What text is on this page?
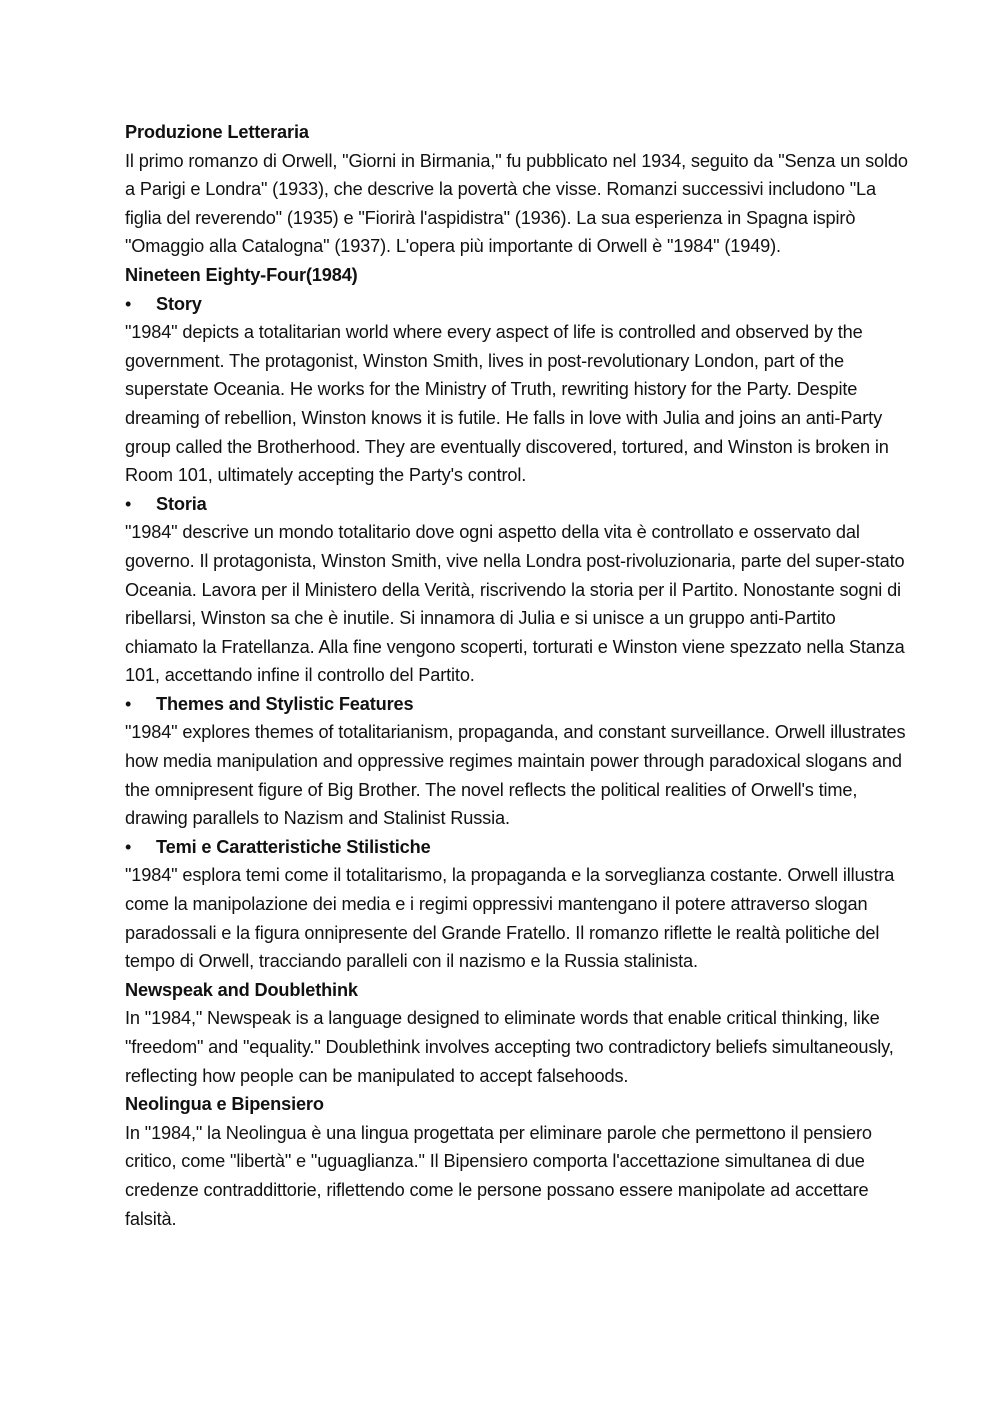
Produzione Letteraria

Il primo romanzo di Orwell, "Giorni in Birmania," fu pubblicato nel 1934, seguito da "Senza un soldo a Parigi e Londra" (1933), che descrive la povertà che visse. Romanzi successivi includono "La figlia del reverendo" (1935) e "Fiorirà l'aspidistra" (1936). La sua esperienza in Spagna ispirò "Omaggio alla Catalogna" (1937). L'opera più importante di Orwell è "1984" (1949).

Nineteen Eighty-Four(1984)

•	Story

"1984" depicts a totalitarian world where every aspect of life is controlled and observed by the government. The protagonist, Winston Smith, lives in post-revolutionary London, part of the superstate Oceania. He works for the Ministry of Truth, rewriting history for the Party. Despite dreaming of rebellion, Winston knows it is futile. He falls in love with Julia and joins an anti-Party group called the Brotherhood. They are eventually discovered, tortured, and Winston is broken in Room 101, ultimately accepting the Party's control.

•	Storia

"1984" descrive un mondo totalitario dove ogni aspetto della vita è controllato e osservato dal governo. Il protagonista, Winston Smith, vive nella Londra post-rivoluzionaria, parte del super-stato Oceania. Lavora per il Ministero della Verità, riscrivendo la storia per il Partito. Nonostante sogni di ribellarsi, Winston sa che è inutile. Si innamora di Julia e si unisce a un gruppo anti-Partito chiamato la Fratellanza. Alla fine vengono scoperti, torturati e Winston viene spezzato nella Stanza 101, accettando infine il controllo del Partito.

•	Themes and Stylistic Features

"1984" explores themes of totalitarianism, propaganda, and constant surveillance. Orwell illustrates how media manipulation and oppressive regimes maintain power through paradoxical slogans and the omnipresent figure of Big Brother. The novel reflects the political realities of Orwell's time, drawing parallels to Nazism and Stalinist Russia.

•	Temi e Caratteristiche Stilistiche

"1984" esplora temi come il totalitarismo, la propaganda e la sorveglianza costante. Orwell illustra come la manipolazione dei media e i regimi oppressivi mantengano il potere attraverso slogan paradossali e la figura onnipresente del Grande Fratello. Il romanzo riflette le realtà politiche del tempo di Orwell, tracciando paralleli con il nazismo e la Russia stalinista.

Newspeak and Doublethink

In "1984," Newspeak is a language designed to eliminate words that enable critical thinking, like "freedom" and "equality." Doublethink involves accepting two contradictory beliefs simultaneously, reflecting how people can be manipulated to accept falsehoods.

Neolingua e Bipensiero

In "1984," la Neolingua è una lingua progettata per eliminare parole che permettono il pensiero critico, come "libertà" e "uguaglianza." Il Bipensiero comporta l'accettazione simultanea di due credenze contraddittorie, riflettendo come le persone possano essere manipolate ad accettare falsità.
